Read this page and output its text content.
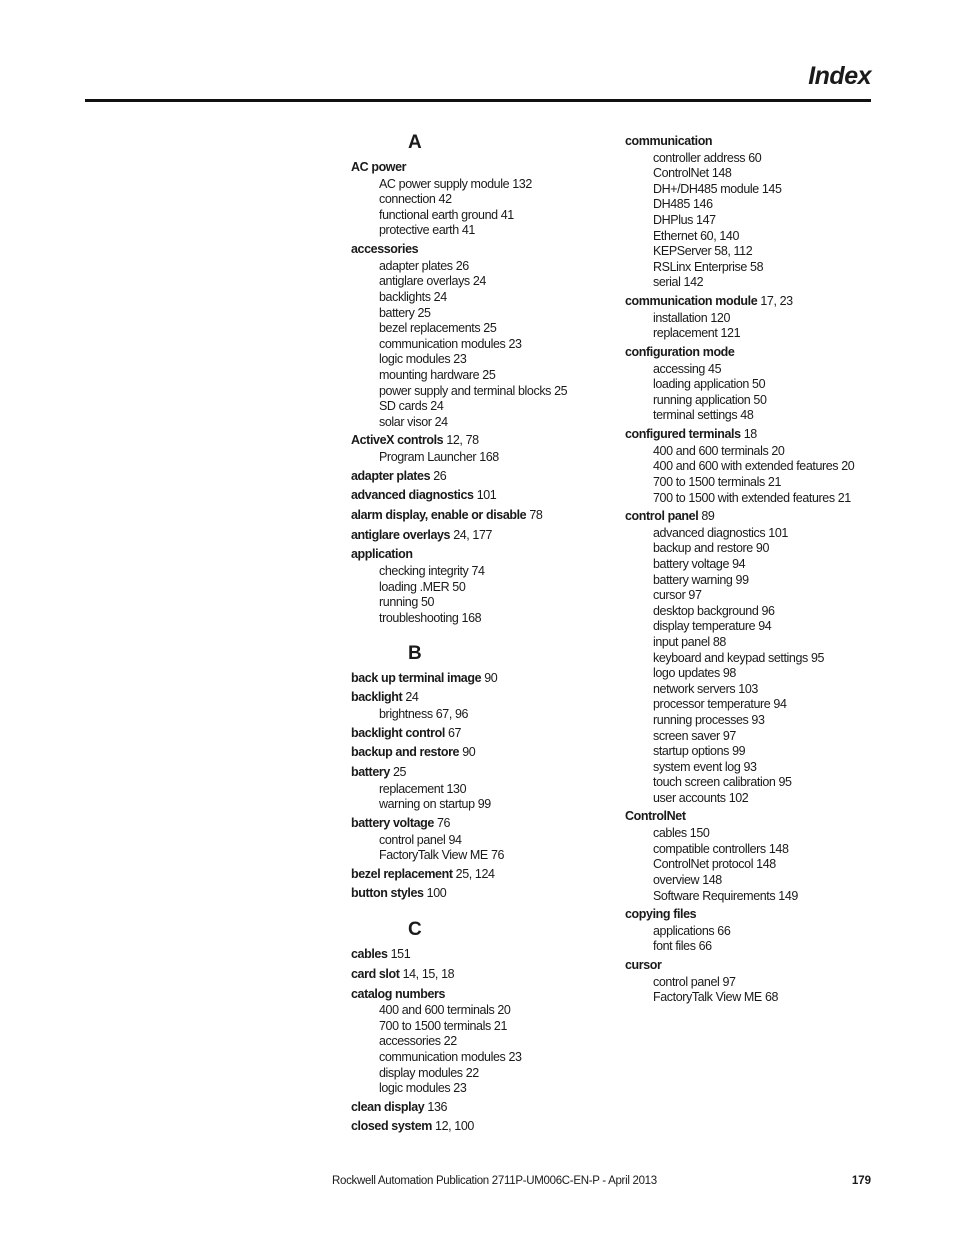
Index
A
AC power
AC power supply module 132
connection 42
functional earth ground 41
protective earth 41
accessories
adapter plates 26
antiglare overlays 24
backlights 24
battery 25
bezel replacements 25
communication modules 23
logic modules 23
mounting hardware 25
power supply and terminal blocks 25
SD cards 24
solar visor 24
ActiveX controls 12, 78
Program Launcher 168
adapter plates 26
advanced diagnostics 101
alarm display, enable or disable 78
antiglare overlays 24, 177
application
checking integrity 74
loading .MER 50
running 50
troubleshooting 168
B
back up terminal image 90
backlight 24
brightness 67, 96
backlight control 67
backup and restore 90
battery 25
replacement 130
warning on startup 99
battery voltage 76
control panel 94
FactoryTalk View ME 76
bezel replacement 25, 124
button styles 100
C
cables 151
card slot 14, 15, 18
catalog numbers
400 and 600 terminals 20
700 to 1500 terminals 21
accessories 22
communication modules 23
display modules 22
logic modules 23
clean display 136
closed system 12, 100
communication
controller address 60
ControlNet 148
DH+/DH485 module 145
DH485 146
DHPlus 147
Ethernet 60, 140
KEPServer 58, 112
RSLinx Enterprise 58
serial 142
communication module 17, 23
installation 120
replacement 121
configuration mode
accessing 45
loading application 50
running application 50
terminal settings 48
configured terminals 18
400 and 600 terminals 20
400 and 600 with extended features 20
700 to 1500 terminals 21
700 to 1500 with extended features 21
control panel 89
advanced diagnostics 101
backup and restore 90
battery voltage 94
battery warning 99
cursor 97
desktop background 96
display temperature 94
input panel 88
keyboard and keypad settings 95
logo updates 98
network servers 103
processor temperature 94
running processes 93
screen saver 97
startup options 99
system event log 93
touch screen calibration 95
user accounts 102
ControlNet
cables 150
compatible controllers 148
ControlNet protocol 148
overview 148
Software Requirements 149
copying files
applications 66
font files 66
cursor
control panel 97
FactoryTalk View ME 68
Rockwell Automation Publication 2711P-UM006C-EN-P - April 2013	179
